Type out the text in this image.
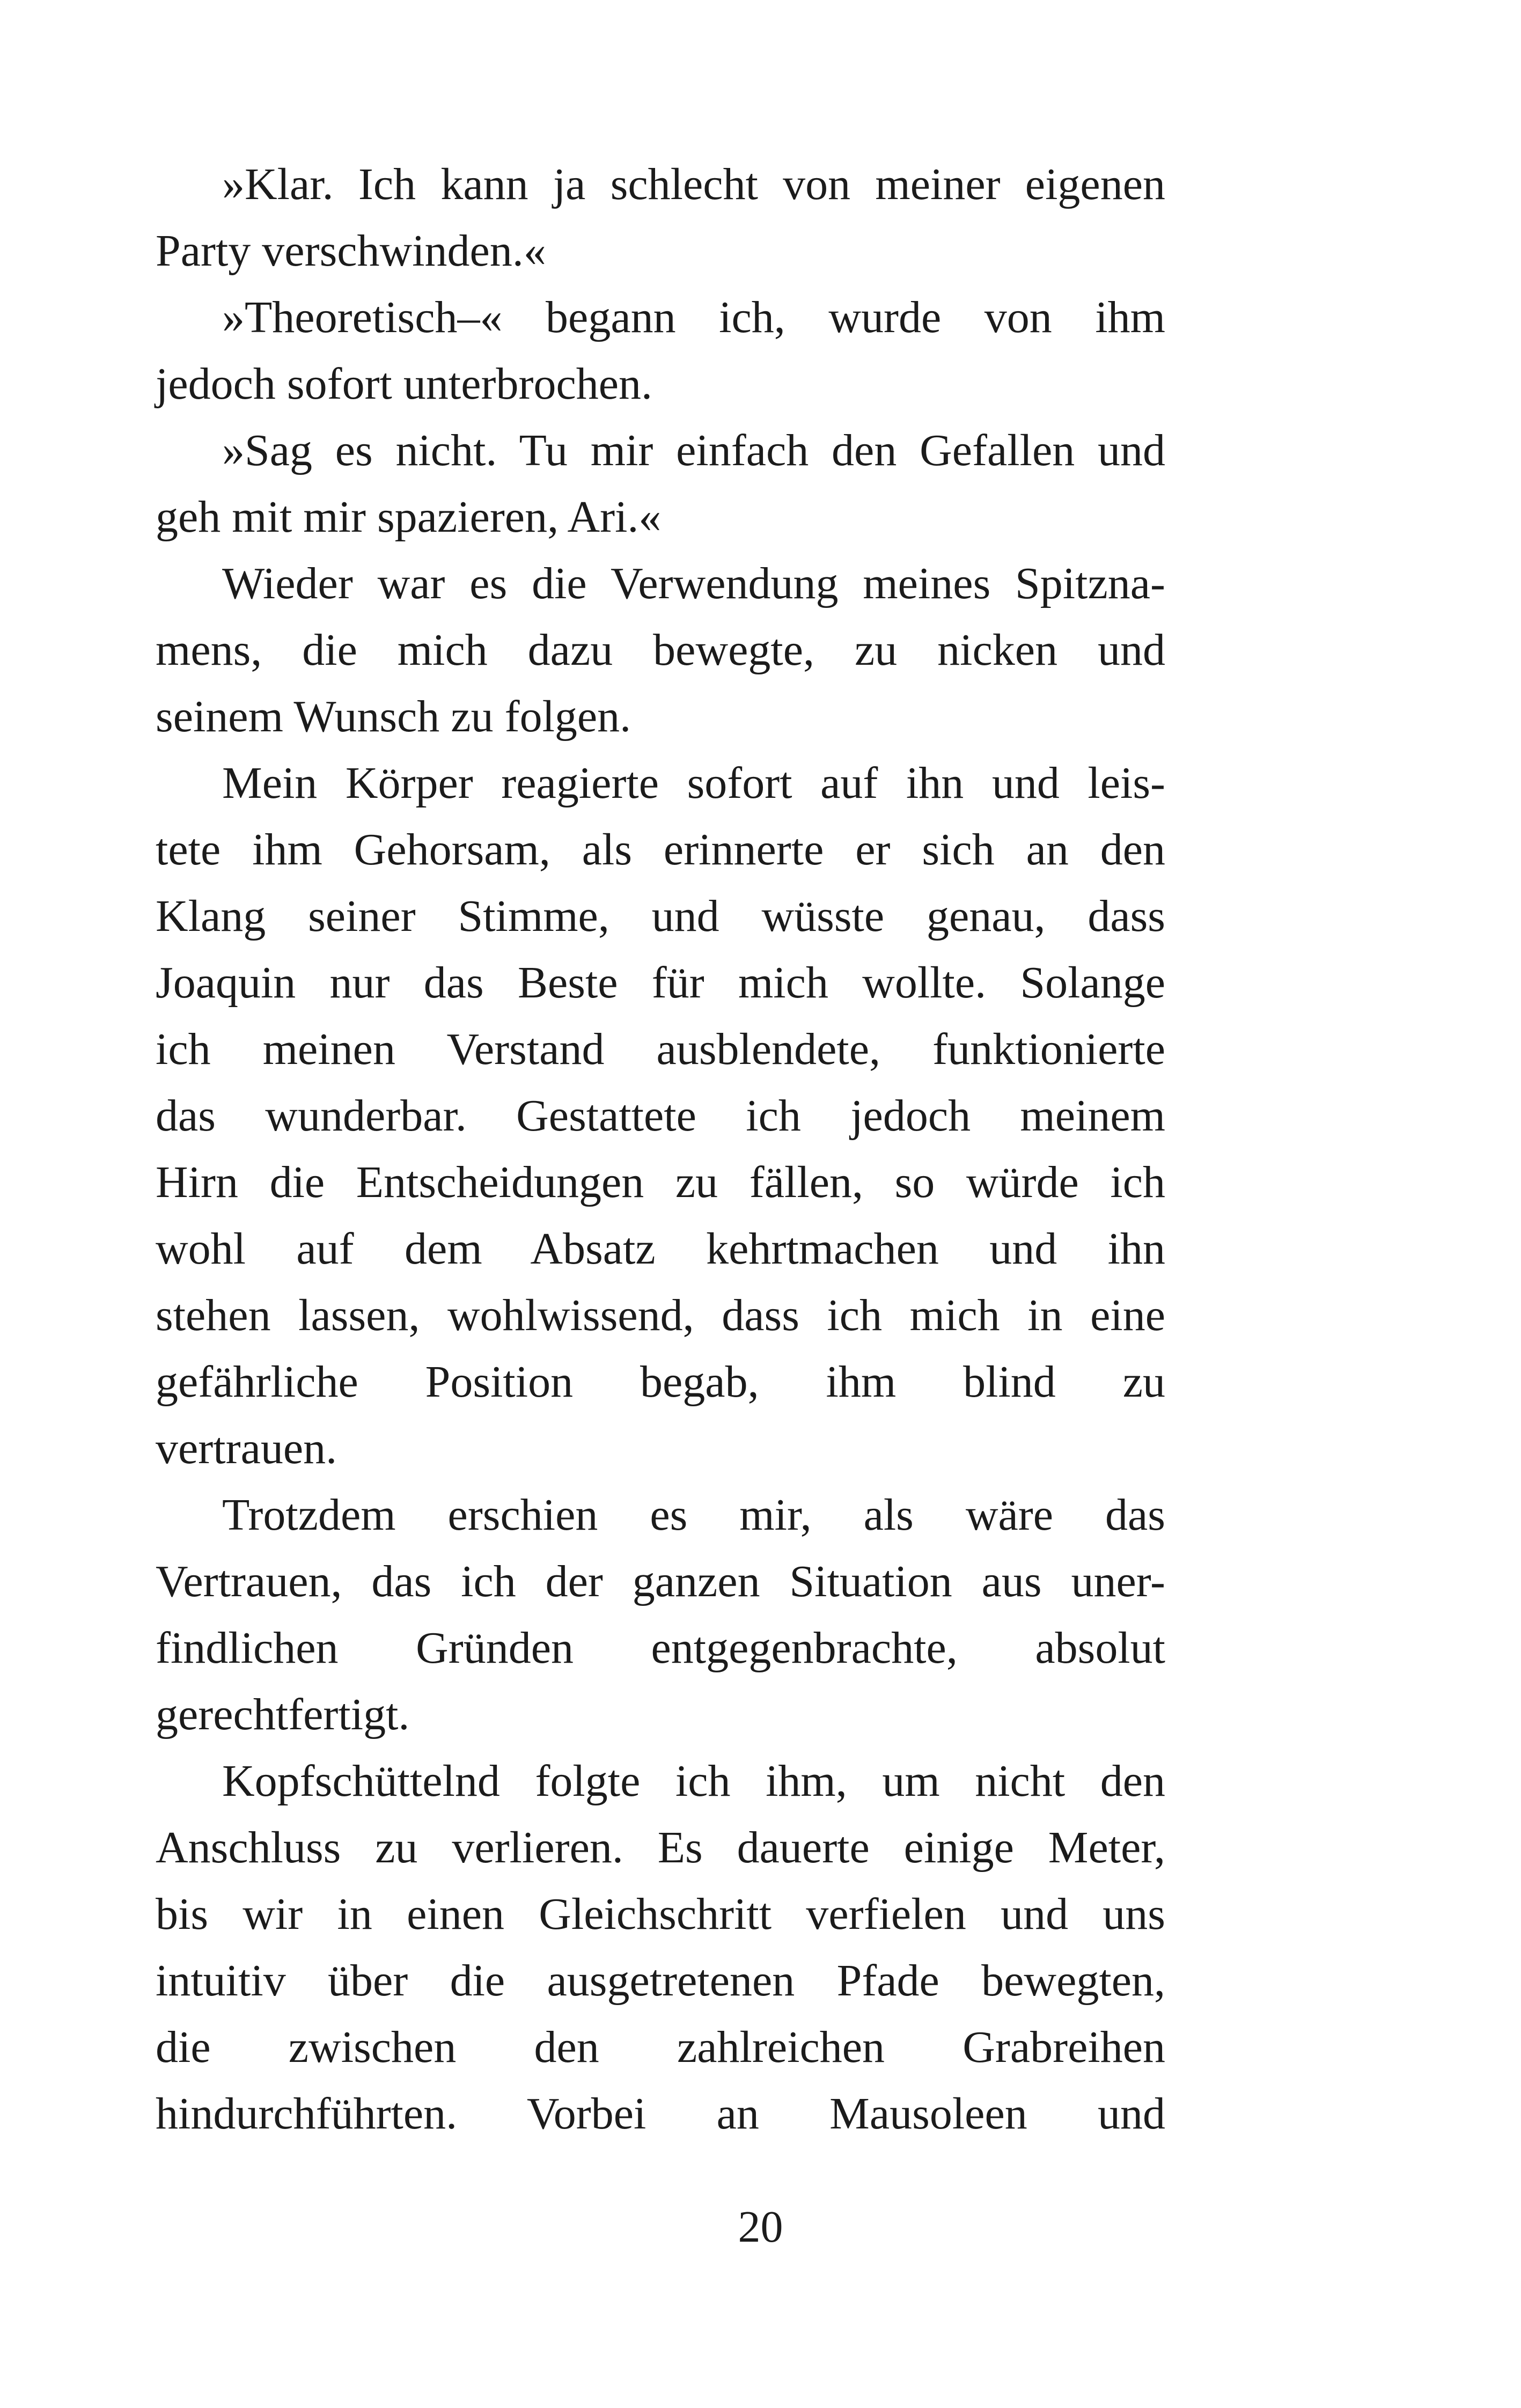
»Klar. Ich kann ja schlecht von meiner eigenen
Party verschwinden.«
»Theoretisch–« begann ich, wurde von ihm
jedoch sofort unterbrochen.
»Sag es nicht. Tu mir einfach den Gefallen und
geh mit mir spazieren, Ari.«
Wieder war es die Verwendung meines Spitzna-
mens, die mich dazu bewegte, zu nicken und
seinem Wunsch zu folgen.
Mein Körper reagierte sofort auf ihn und leis-
tete ihm Gehorsam, als erinnerte er sich an den
Klang seiner Stimme, und wüsste genau, dass
Joaquin nur das Beste für mich wollte. Solange
ich meinen Verstand ausblendete, funktionierte
das wunderbar. Gestattete ich jedoch meinem
Hirn die Entscheidungen zu fällen, so würde ich
wohl auf dem Absatz kehrtmachen und ihn
stehen lassen, wohlwissend, dass ich mich in eine
gefährliche Position begab, ihm blind zu
vertrauen.
Trotzdem erschien es mir, als wäre das
Vertrauen, das ich der ganzen Situation aus uner-
findlichen Gründen entgegenbrachte, absolut
gerechtfertigt.
Kopfschüttelnd folgte ich ihm, um nicht den
Anschluss zu verlieren. Es dauerte einige Meter,
bis wir in einen Gleichschritt verfielen und uns
intuitiv über die ausgetretenen Pfade bewegten,
die zwischen den zahlreichen Grabreihen
hindurchführten. Vorbei an Mausoleen und
20
